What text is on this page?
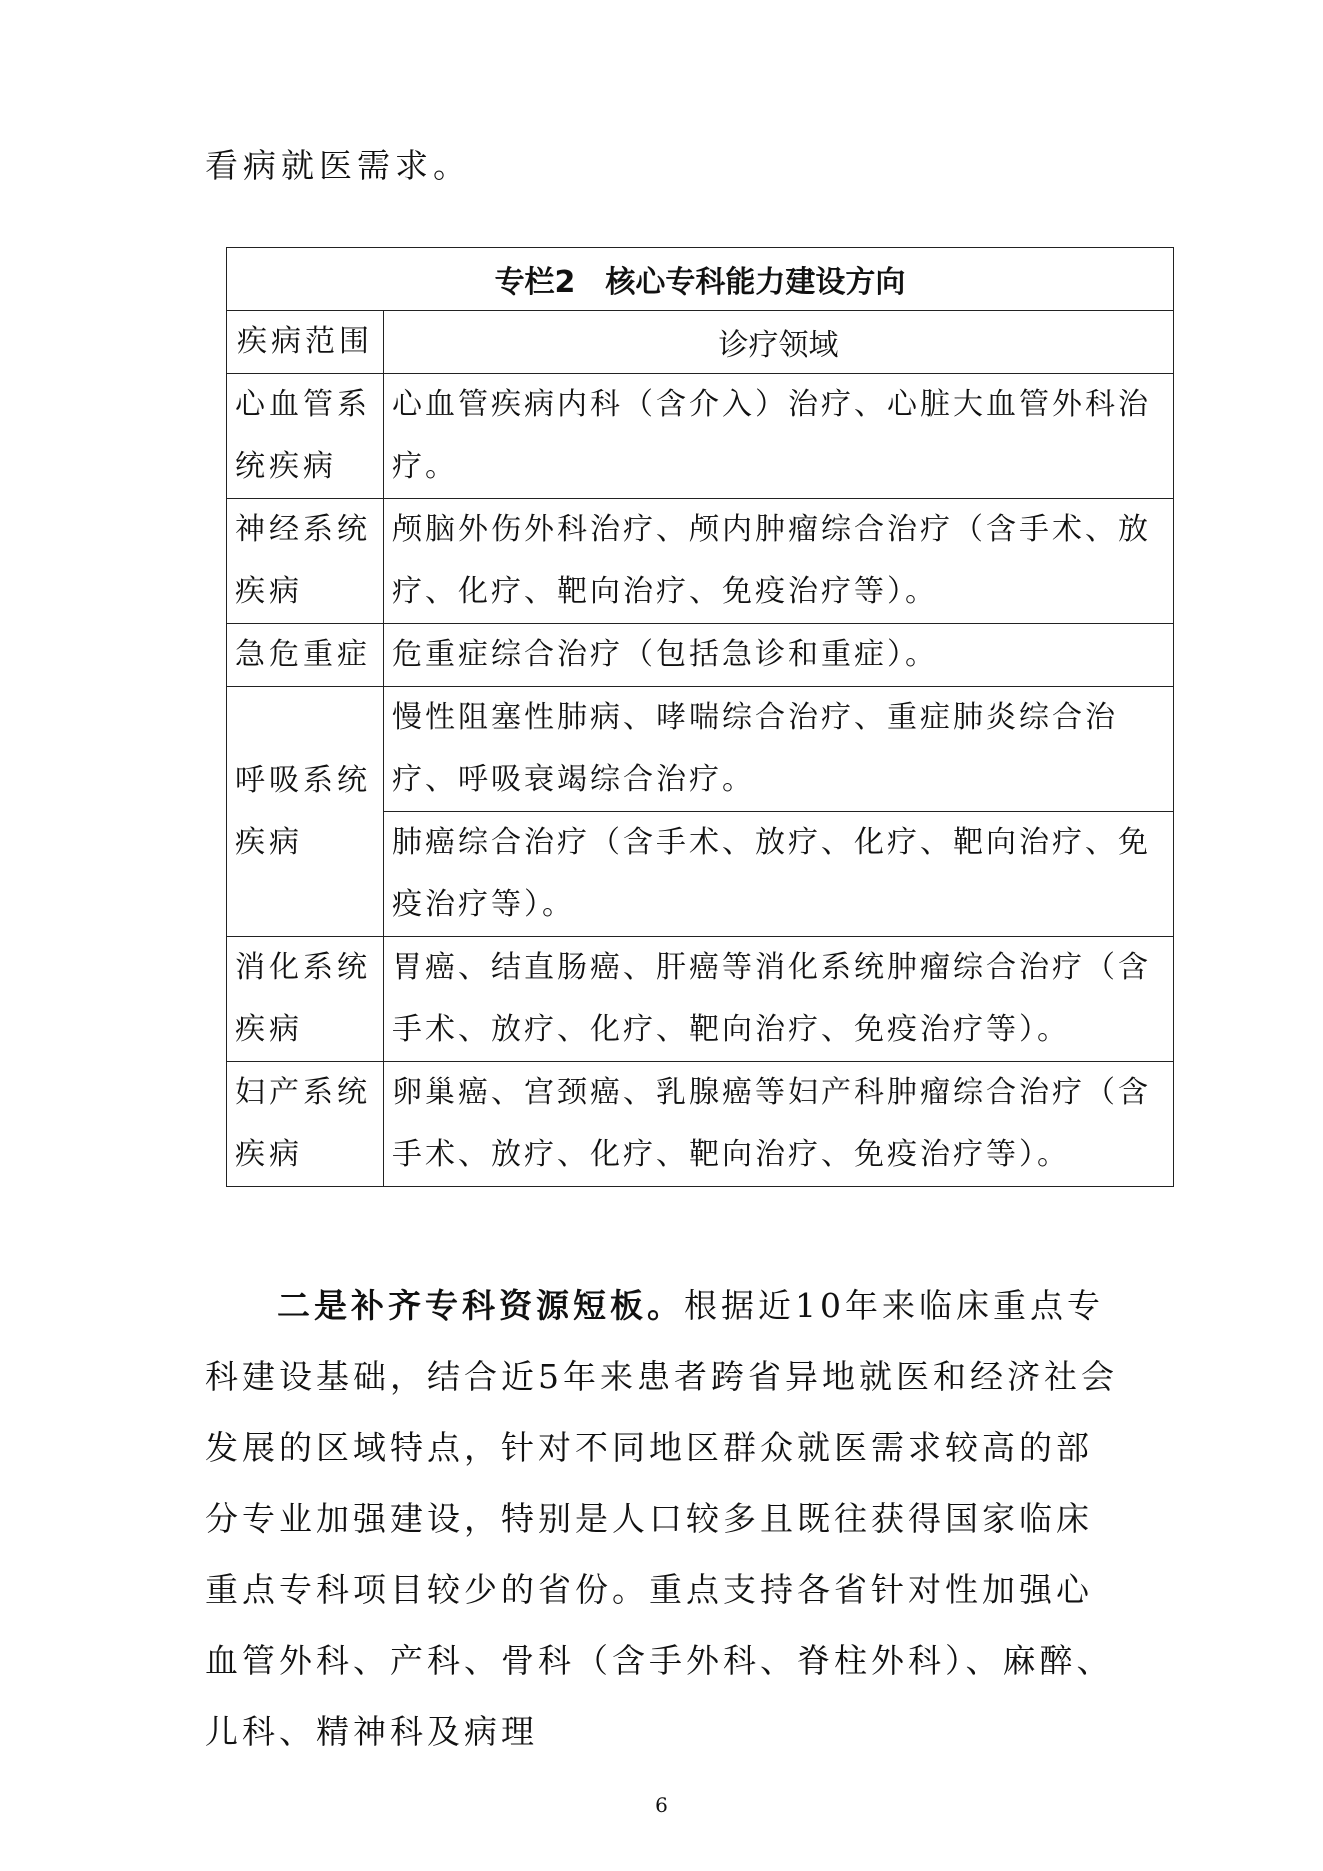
看病就医需求。
专栏2　核心专科能力建设方向	
疾病范围	诊疗领域
心血管系统疾病	心血管疾病内科（含介入）治疗、心脏大血管外科治疗。
神经系统疾病	颅脑外伤外科治疗、颅内肿瘤综合治疗（含手术、放疗、化疗、靶向治疗、免疫治疗等）。
急危重症	危重症综合治疗（包括急诊和重症）。
呼吸系统疾病	慢性阻塞性肺病、哮喘综合治疗、重症肺炎综合治疗、呼吸衰竭综合治疗。
	肺癌综合治疗（含手术、放疗、化疗、靶向治疗、免疫治疗等）。
消化系统疾病	胃癌、结直肠癌、肝癌等消化系统肿瘤综合治疗（含手术、放疗、化疗、靶向治疗、免疫治疗等）。
妇产系统疾病	卵巢癌、宫颈癌、乳腺癌等妇产科肿瘤综合治疗（含手术、放疗、化疗、靶向治疗、免疫治疗等）。

二是补齐专科资源短板。根据近10年来临床重点专科建设基础，结合近5年来患者跨省异地就医和经济社会发展的区域特点，针对不同地区群众就医需求较高的部分专业加强建设，特别是人口较多且既往获得国家临床重点专科项目较少的省份。重点支持各省针对性加强心血管外科、产科、骨科（含手外科、脊柱外科）、麻醉、儿科、精神科及病理

6
